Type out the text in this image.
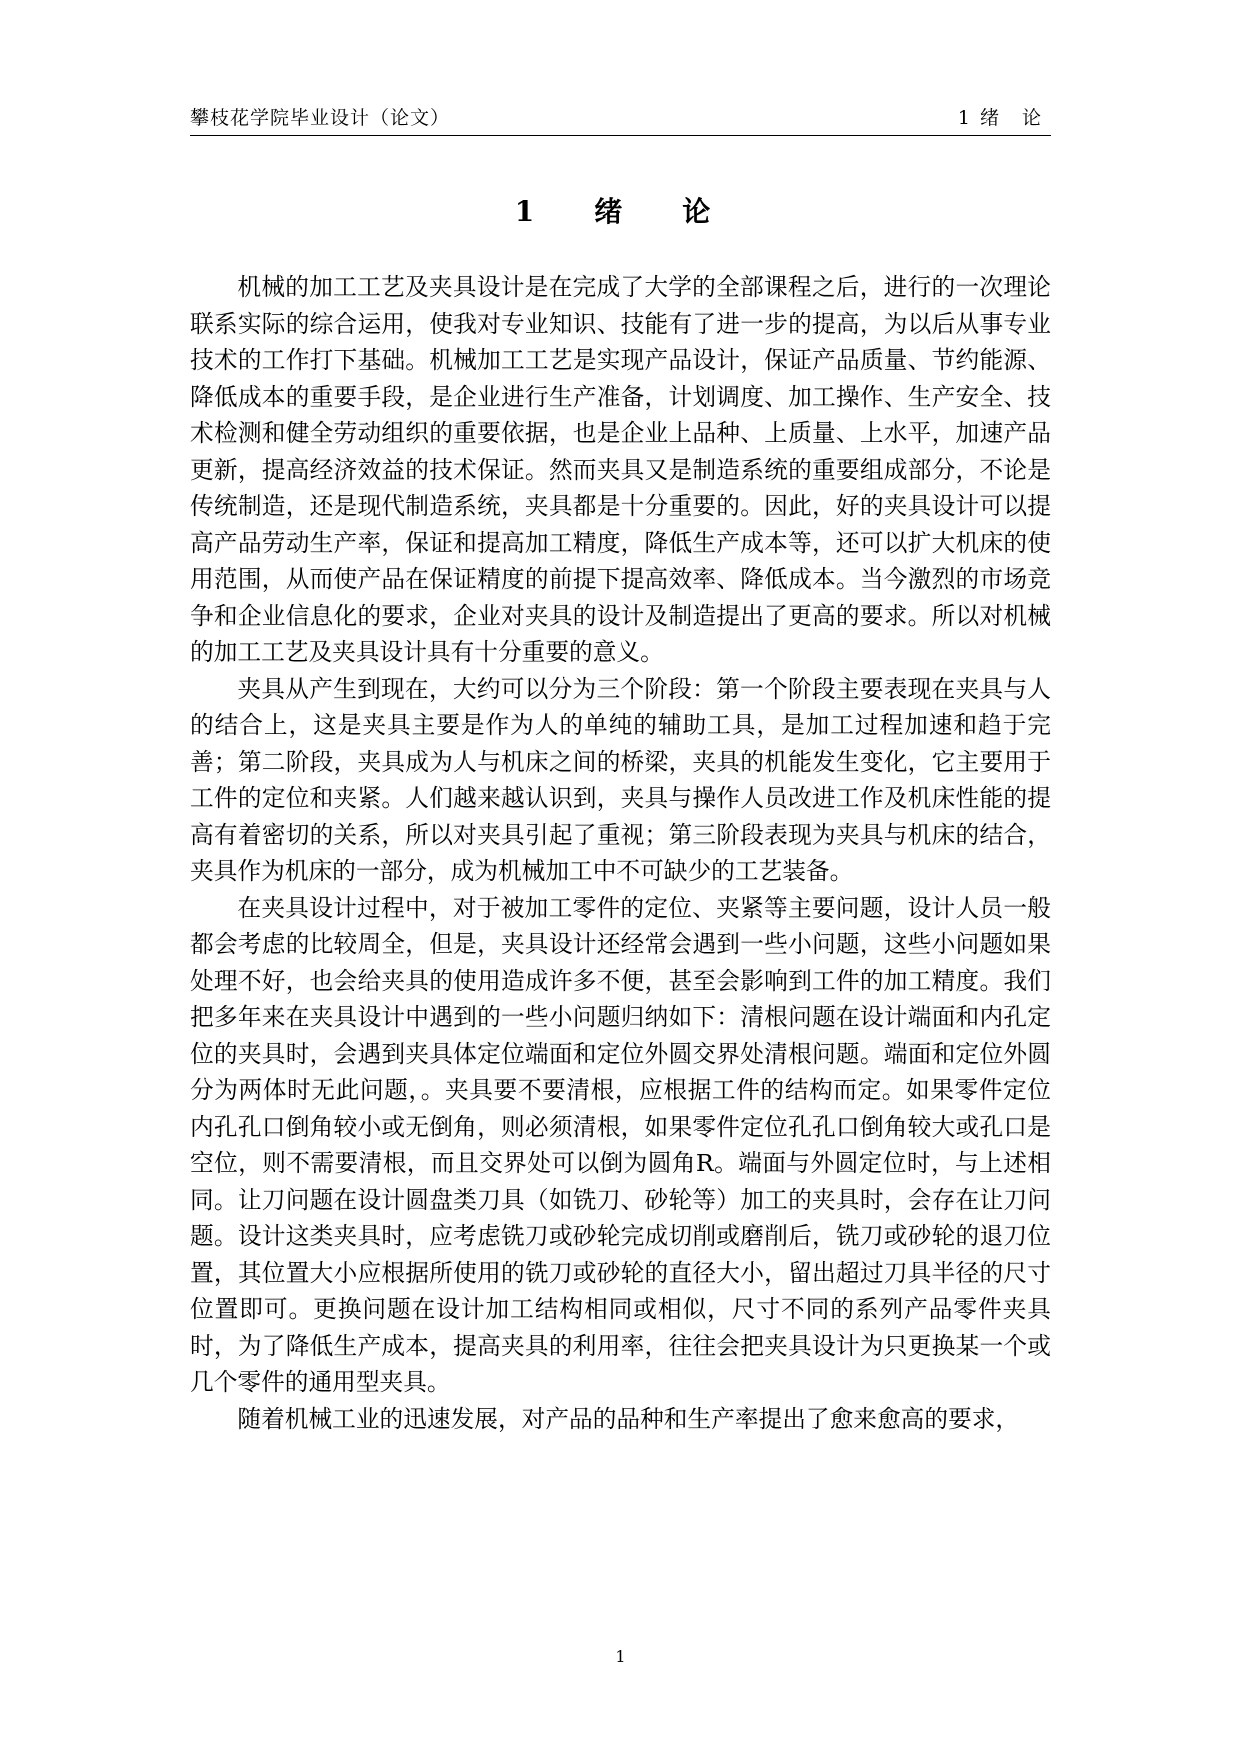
攀枝花学院毕业设计（论文）	1 绪　论
1　绪　论

机械的加工工艺及夹具设计是在完成了大学的全部课程之后，进行的一次理论联系实际的综合运用，使我对专业知识、技能有了进一步的提高，为以后从事专业技术的工作打下基础。机械加工工艺是实现产品设计，保证产品质量、节约能源、降低成本的重要手段，是企业进行生产准备，计划调度、加工操作、生产安全、技术检测和健全劳动组织的重要依据，也是企业上品种、上质量、上水平，加速产品更新，提高经济效益的技术保证。然而夹具又是制造系统的重要组成部分，不论是传统制造，还是现代制造系统，夹具都是十分重要的。因此，好的夹具设计可以提高产品劳动生产率，保证和提高加工精度，降低生产成本等，还可以扩大机床的使用范围，从而使产品在保证精度的前提下提高效率、降低成本。当今激烈的市场竞争和企业信息化的要求，企业对夹具的设计及制造提出了更高的要求。所以对机械的加工工艺及夹具设计具有十分重要的意义。

夹具从产生到现在，大约可以分为三个阶段：第一个阶段主要表现在夹具与人的结合上，这是夹具主要是作为人的单纯的辅助工具，是加工过程加速和趋于完善；第二阶段，夹具成为人与机床之间的桥梁，夹具的机能发生变化，它主要用于工件的定位和夹紧。人们越来越认识到，夹具与操作人员改进工作及机床性能的提高有着密切的关系，所以对夹具引起了重视；第三阶段表现为夹具与机床的结合，夹具作为机床的一部分，成为机械加工中不可缺少的工艺装备。

在夹具设计过程中，对于被加工零件的定位、夹紧等主要问题，设计人员一般都会考虑的比较周全，但是，夹具设计还经常会遇到一些小问题，这些小问题如果处理不好，也会给夹具的使用造成许多不便，甚至会影响到工件的加工精度。我们把多年来在夹具设计中遇到的一些小问题归纳如下：清根问题在设计端面和内孔定位的夹具时，会遇到夹具体定位端面和定位外圆交界处清根问题。端面和定位外圆分为两体时无此问题，。夹具要不要清根，应根据工件的结构而定。如果零件定位内孔孔口倒角较小或无倒角，则必须清根，如果零件定位孔孔口倒角较大或孔口是空位，则不需要清根，而且交界处可以倒为圆角R。端面与外圆定位时，与上述相同。让刀问题在设计圆盘类刀具（如铣刀、砂轮等）加工的夹具时，会存在让刀问题。设计这类夹具时，应考虑铣刀或砂轮完成切削或磨削后，铣刀或砂轮的退刀位置，其位置大小应根据所使用的铣刀或砂轮的直径大小，留出超过刀具半径的尺寸位置即可。更换问题在设计加工结构相同或相似，尺寸不同的系列产品零件夹具时，为了降低生产成本，提高夹具的利用率，往往会把夹具设计为只更换某一个或几个零件的通用型夹具。

随着机械工业的迅速发展，对产品的品种和生产率提出了愈来愈高的要求，

1
